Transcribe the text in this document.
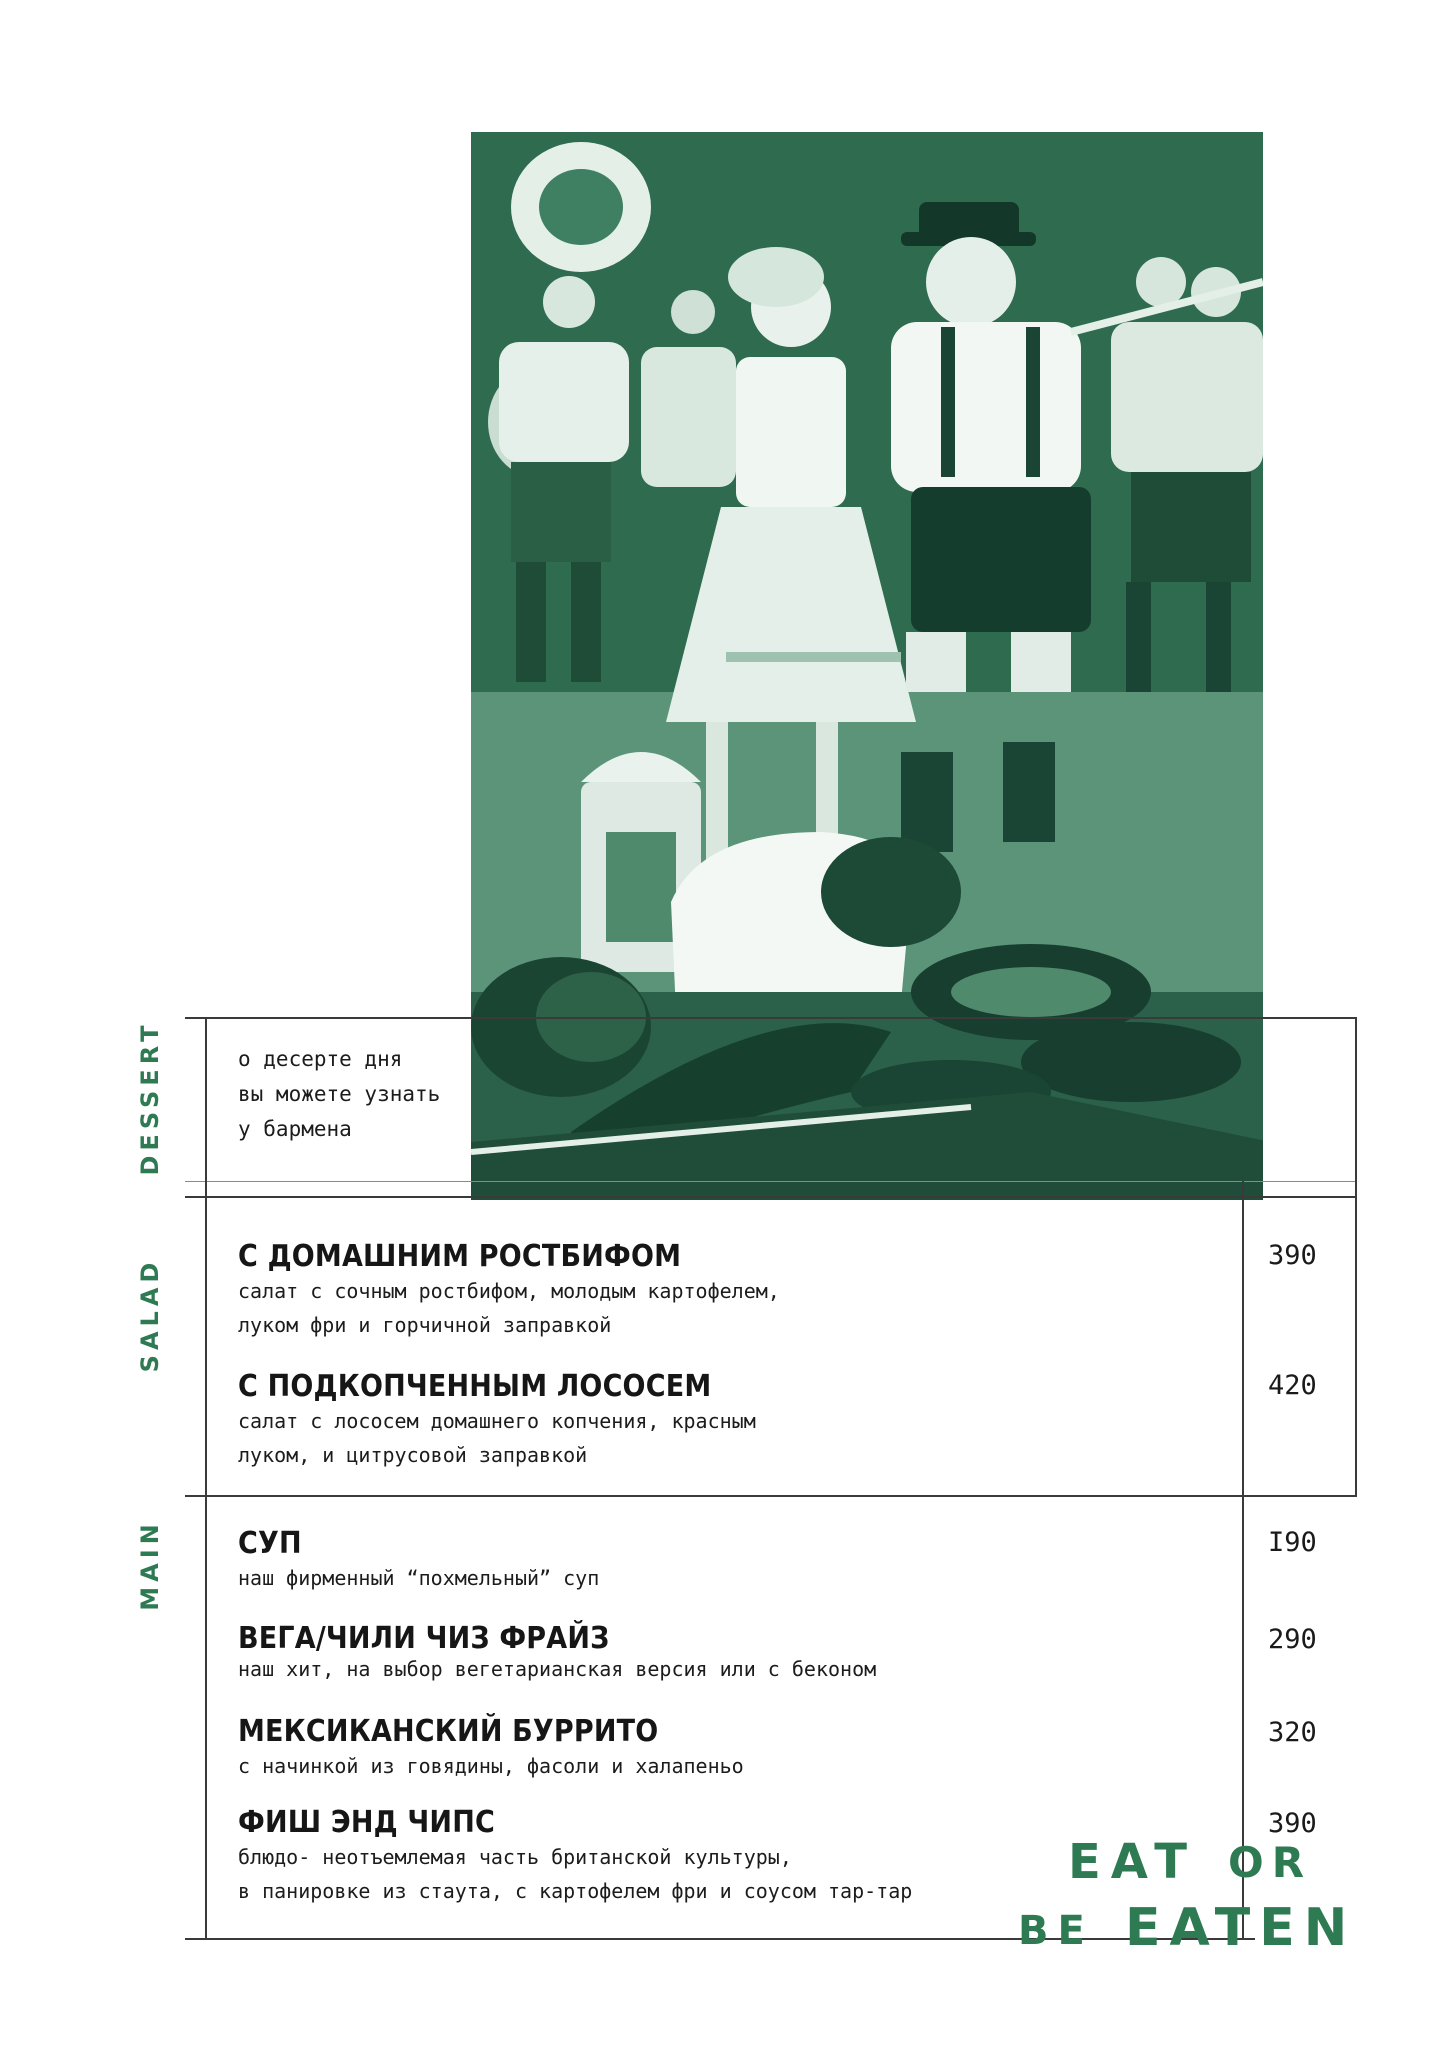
DESSERT
SALAD
MAIN
о десерте дня
вы можете узнать
у бармена
С ДОМАШНИМ РОСТБИФОМ
салат с сочным ростбифом, молодым картофелем,
луком фри и горчичной заправкой
390
С ПОДКОПЧЕННЫМ ЛОСОСЕМ
салат с лососем домашнего копчения, красным
луком, и цитрусовой заправкой
420
СУП
наш фирменный “похмельный” суп
I90
ВЕГА/ЧИЛИ ЧИЗ ФРАЙЗ
наш хит, на выбор вегетарианская версия или с беконом
290
МЕКСИКАНСКИЙ БУРРИТО
с начинкой из говядины, фасоли и халапеньо
320
ФИШ ЭНД ЧИПС
блюдо- неотъемлемая часть британской культуры,
в панировке из стаута, с картофелем фри и соусом тар-тар
390
EAT OR
BE EATEN
